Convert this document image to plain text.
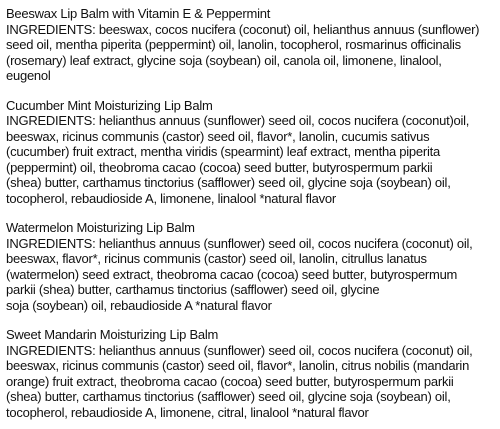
Beeswax Lip Balm with Vitamin E & Peppermint
INGREDIENTS: beeswax, cocos nucifera (coconut) oil, helianthus annuus (sunflower)
seed oil, mentha piperita (peppermint) oil, lanolin, tocopherol, rosmarinus officinalis
(rosemary) leaf extract, glycine soja (soybean) oil, canola oil, limonene, linalool,
eugenol
Cucumber Mint Moisturizing Lip Balm
INGREDIENTS: helianthus annuus (sunflower) seed oil, cocos nucifera (coconut)oil,
beeswax, ricinus communis (castor) seed oil, flavor*, lanolin, cucumis sativus
(cucumber) fruit extract, mentha viridis (spearmint) leaf extract, mentha piperita
(peppermint) oil, theobroma cacao (cocoa) seed butter, butyrospermum parkii
(shea) butter, carthamus tinctorius (safflower) seed oil, glycine soja (soybean) oil,
tocopherol, rebaudioside A, limonene, linalool *natural flavor
Watermelon Moisturizing Lip Balm
INGREDIENTS: helianthus annuus (sunflower) seed oil, cocos nucifera (coconut) oil,
beeswax, flavor*, ricinus communis (castor) seed oil, lanolin, citrullus lanatus
(watermelon) seed extract, theobroma cacao (cocoa) seed butter, butyrospermum
parkii (shea) butter, carthamus tinctorius (safflower) seed oil, glycine
soja (soybean) oil, rebaudioside A *natural flavor
Sweet Mandarin Moisturizing Lip Balm
INGREDIENTS: helianthus annuus (sunflower) seed oil, cocos nucifera (coconut) oil,
beeswax, ricinus communis (castor) seed oil, flavor*, lanolin, citrus nobilis (mandarin
orange) fruit extract, theobroma cacao (cocoa) seed butter, butyrospermum parkii
(shea) butter, carthamus tinctorius (safflower) seed oil, glycine soja (soybean) oil,
tocopherol, rebaudioside A, limonene, citral, linalool *natural flavor
